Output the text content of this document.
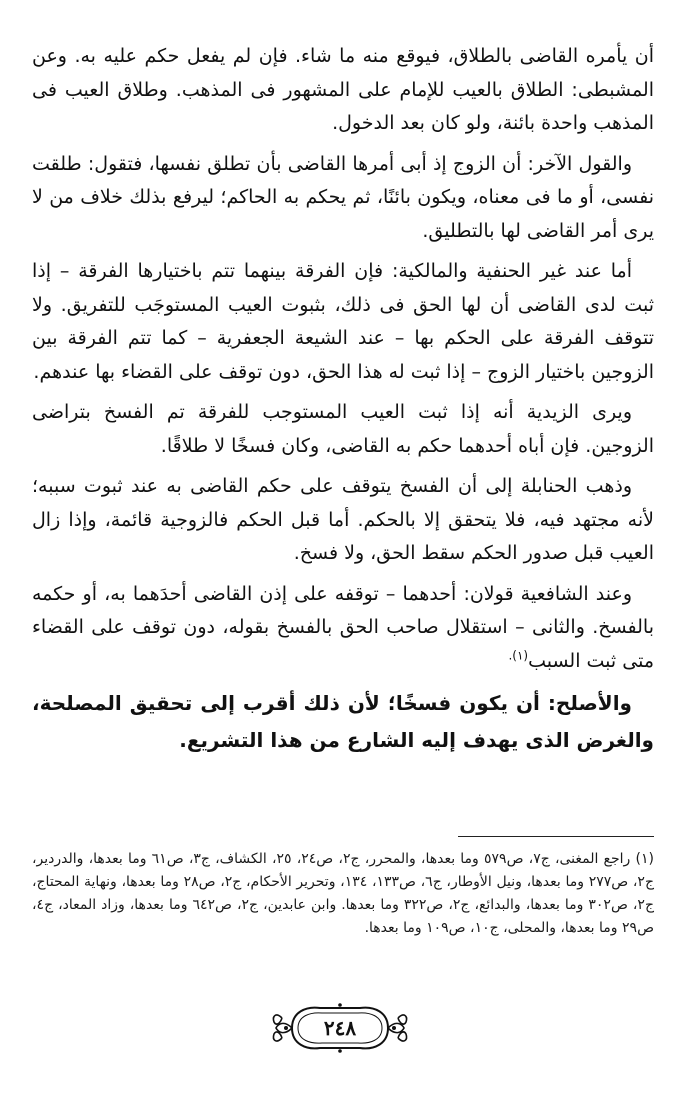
أن يأمره القاضى بالطلاق، فيوقع منه ما شاء. فإن لم يفعل حكم عليه به. وعن المشبطى: الطلاق بالعيب للإمام على المشهور فى المذهب. وطلاق العيب فى المذهب واحدة بائنة، ولو كان بعد الدخول.

والقول الآخر: أن الزوج إذ أبى أمرها القاضى بأن تطلق نفسها، فتقول: طلقت نفسى، أو ما فى معناه، ويكون بائنًا، ثم يحكم به الحاكم؛ ليرفع بذلك خلاف من لا يرى أمر القاضى لها بالتطليق.

أما عند غير الحنفية والمالكية: فإن الفرقة بينهما تتم باختيارها الفرقة – إذا ثبت لدى القاضى أن لها الحق فى ذلك، بثبوت العيب المستوجَب للتفريق. ولا تتوقف الفرقة على الحكم بها – عند الشيعة الجعفرية – كما تتم الفرقة بين الزوجين باختيار الزوج – إذا ثبت له هذا الحق، دون توقف على القضاء بها عندهم.

ويرى الزيدية أنه إذا ثبت العيب المستوجب للفرقة تم الفسخ بتراضى الزوجين. فإن أباه أحدهما حكم به القاضى، وكان فسخًا لا طلاقًا.

وذهب الحنابلة إلى أن الفسخ يتوقف على حكم القاضى به عند ثبوت سببه؛ لأنه مجتهد فيه، فلا يتحقق إلا بالحكم. أما قبل الحكم فالزوجية قائمة، وإذا زال العيب قبل صدور الحكم سقط الحق، ولا فسخ.

وعند الشافعية قولان: أحدهما – توقفه على إذن القاضى أحدَهما به، أو حكمه بالفسخ. والثانى – استقلال صاحب الحق بالفسخ بقوله، دون توقف على القضاء متى ثبت السبب$^{(١).}$

والأصلح: أن يكون فسخًا؛ لأن ذلك أقرب إلى تحقيق المصلحة، والغرض الذى يهدف إليه الشارع من هذا التشريع.

(١) راجع المغنى، ج٧، ص٥٧٩ وما بعدها، والمحرر، ج٢، ص٢٤، ٢٥، الكشاف، ج٣، ص٦١ وما بعدها، والدردير، ج٢، ص٢٧٧ وما بعدها، ونيل الأوطار، ج٦، ص١٣٣، ١٣٤، وتحرير الأحكام، ج٢، ص٢٨ وما بعدها، ونهاية المحتاج، ج٢، ص٣٠٢ وما بعدها، والبدائع، ج٢، ص٣٢٢ وما بعدها. وابن عابدين، ج٢، ص٦٤٢ وما بعدها، وزاد المعاد، ج٤، ص٢٩ وما بعدها، والمحلى، ج١٠، ص١٠٩ وما بعدها.

٢٤٨
